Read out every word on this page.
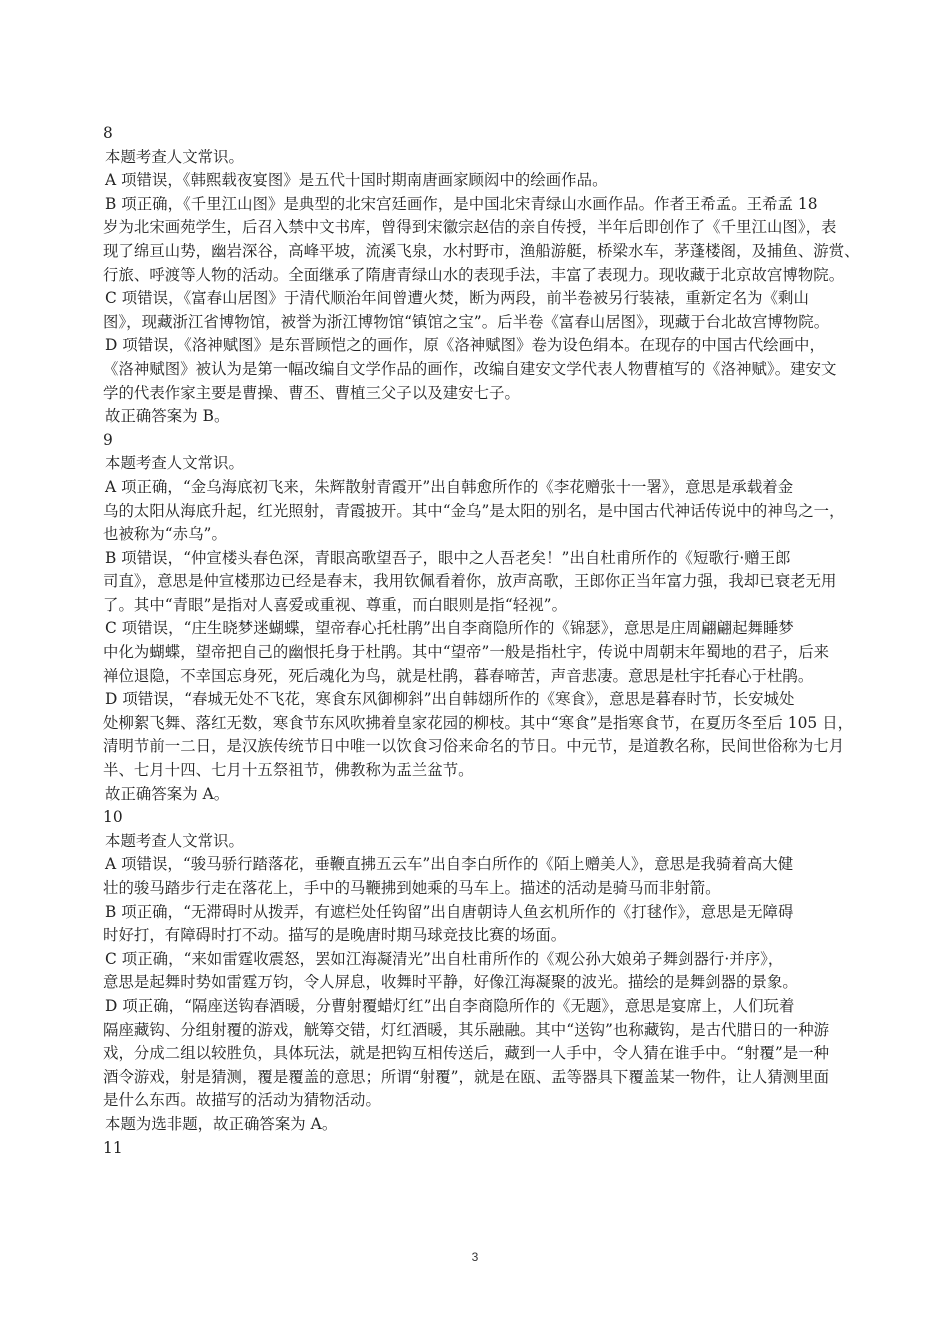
8
本题考查人文常识。
A 项错误，《韩熙载夜宴图》是五代十国时期南唐画家顾闳中的绘画作品。
B 项正确，《千里江山图》是典型的北宋宫廷画作，是中国北宋青绿山水画作品。作者王希孟。王希孟 18
岁为北宋画苑学生，后召入禁中文书库，曾得到宋徽宗赵佶的亲自传授，半年后即创作了《千里江山图》，表
现了绵亘山势，幽岩深谷，高峰平坡，流溪飞泉，水村野市，渔船游艇，桥梁水车，茅蓬楼阁，及捕鱼、游赏、
行旅、呼渡等人物的活动。全面继承了隋唐青绿山水的表现手法，丰富了表现力。现收藏于北京故宫博物院。
C 项错误，《富春山居图》于清代顺治年间曾遭火焚，断为两段，前半卷被另行装裱，重新定名为《剩山
图》，现藏浙江省博物馆，被誉为浙江博物馆“镇馆之宝”。后半卷《富春山居图》，现藏于台北故宫博物院。
D 项错误，《洛神赋图》是东晋顾恺之的画作，原《洛神赋图》卷为设色绢本。在现存的中国古代绘画中，
《洛神赋图》被认为是第一幅改编自文学作品的画作，改编自建安文学代表人物曹植写的《洛神赋》。建安文
学的代表作家主要是曹操、曹丕、曹植三父子以及建安七子。
故正确答案为 B。
9
本题考查人文常识。
A 项正确，“金乌海底初飞来，朱辉散射青霞开”出自韩愈所作的《李花赠张十一署》，意思是承载着金
乌的太阳从海底升起，红光照射，青霞披开。其中“金乌”是太阳的别名，是中国古代神话传说中的神鸟之一，
也被称为“赤乌”。
B 项错误，“仲宣楼头春色深，青眼高歌望吾子，眼中之人吾老矣！”出自杜甫所作的《短歌行·赠王郎
司直》，意思是仲宣楼那边已经是春末，我用钦佩看着你，放声高歌，王郎你正当年富力强，我却已衰老无用
了。其中“青眼”是指对人喜爱或重视、尊重，而白眼则是指“轻视”。
C 项错误，“庄生晓梦迷蝴蝶，望帝春心托杜鹃”出自李商隐所作的《锦瑟》，意思是庄周翩翩起舞睡梦
中化为蝴蝶，望帝把自己的幽恨托身于杜鹃。其中“望帝”一般是指杜宇，传说中周朝末年蜀地的君子，后来
禅位退隐，不幸国忘身死，死后魂化为鸟，就是杜鹃，暮春啼苦，声音悲凄。意思是杜宇托春心于杜鹃。
D 项错误，“春城无处不飞花，寒食东风御柳斜”出自韩翃所作的《寒食》，意思是暮春时节，长安城处
处柳絮飞舞、落红无数，寒食节东风吹拂着皇家花园的柳枝。其中“寒食”是指寒食节，在夏历冬至后 105 日，
清明节前一二日，是汉族传统节日中唯一以饮食习俗来命名的节日。中元节，是道教名称，民间世俗称为七月
半、七月十四、七月十五祭祖节，佛教称为盂兰盆节。
故正确答案为 A。
10
本题考查人文常识。
A 项错误，“骏马骄行踏落花，垂鞭直拂五云车”出自李白所作的《陌上赠美人》，意思是我骑着高大健
壮的骏马踏步行走在落花上，手中的马鞭拂到她乘的马车上。描述的活动是骑马而非射箭。
B 项正确，“无滞碍时从拨弄，有遮栏处任钩留”出自唐朝诗人鱼玄机所作的《打毬作》，意思是无障碍
时好打，有障碍时打不动。描写的是晚唐时期马球竞技比赛的场面。
C 项正确，“来如雷霆收震怒，罢如江海凝清光”出自杜甫所作的《观公孙大娘弟子舞剑器行·并序》，
意思是起舞时势如雷霆万钧，令人屏息，收舞时平静，好像江海凝聚的波光。描绘的是舞剑器的景象。
D 项正确，“隔座送钩春酒暖，分曹射覆蜡灯红”出自李商隐所作的《无题》，意思是宴席上，人们玩着
隔座藏钩、分组射覆的游戏，觥筹交错，灯红酒暖，其乐融融。其中“送钩”也称藏钩，是古代腊日的一种游
戏，分成二组以较胜负，具体玩法，就是把钩互相传送后，藏到一人手中，令人猜在谁手中。“射覆”是一种
酒令游戏，射是猜测，覆是覆盖的意思；所谓“射覆”，就是在瓯、盂等器具下覆盖某一物件，让人猜测里面
是什么东西。故描写的活动为猜物活动。
本题为选非题，故正确答案为 A。
11
3
